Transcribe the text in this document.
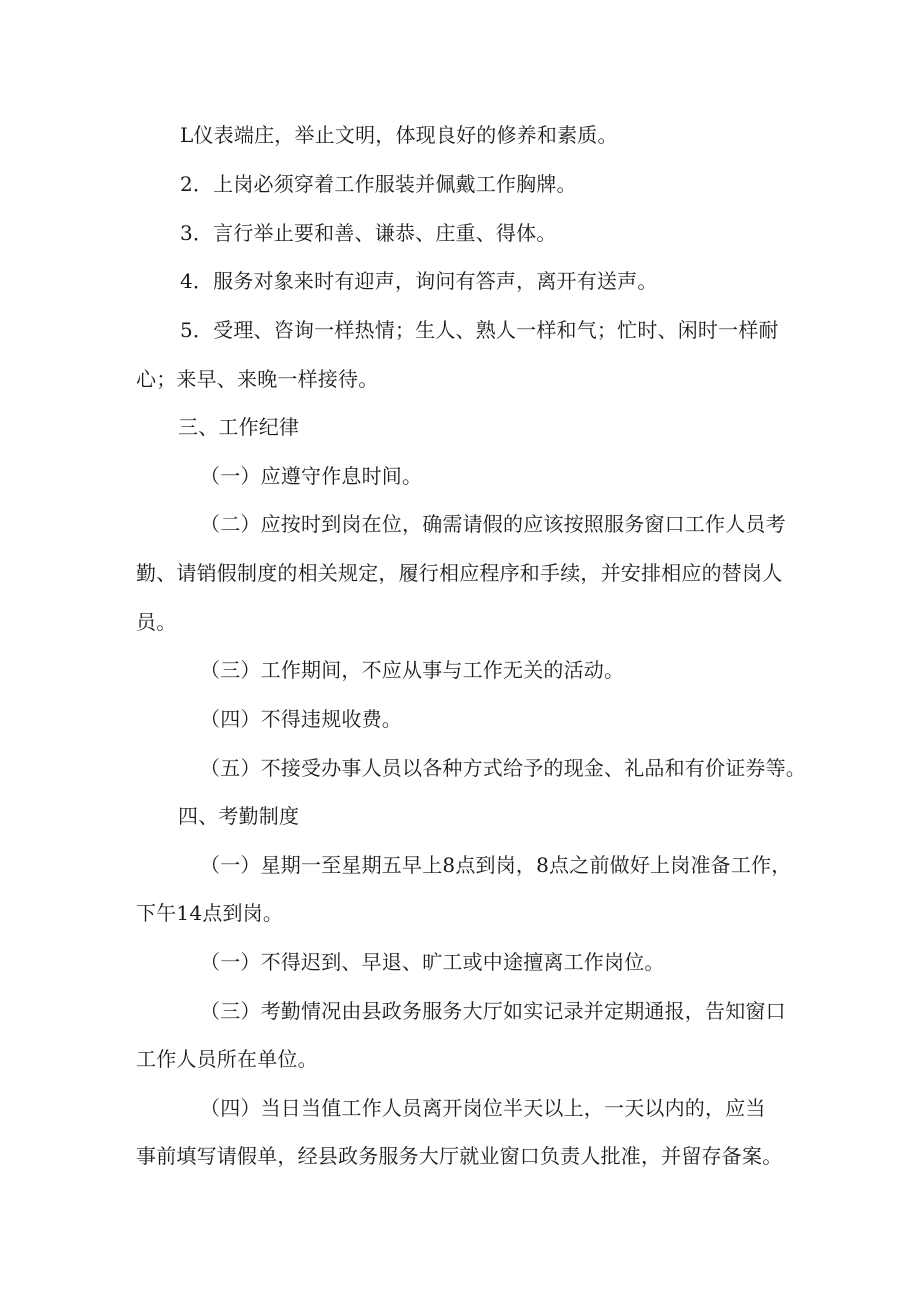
L仪表端庄，举止文明，体现良好的修养和素质。
2．上岗必须穿着工作服装并佩戴工作胸牌。
3．言行举止要和善、谦恭、庄重、得体。
4．服务对象来时有迎声，询问有答声，离开有送声。
5．受理、咨询一样热情；生人、熟人一样和气；忙时、闲时一样耐
心；来早、来晚一样接待。
三、工作纪律
（一）应遵守作息时间。
（二）应按时到岗在位，确需请假的应该按照服务窗口工作人员考
勤、请销假制度的相关规定，履行相应程序和手续，并安排相应的替岗人
员。
（三）工作期间，不应从事与工作无关的活动。
（四）不得违规收费。
（五）不接受办事人员以各种方式给予的现金、礼品和有价证券等。
四、考勤制度
（一）星期一至星期五早上8点到岗，8点之前做好上岗准备工作，
下午14点到岗。
（一）不得迟到、早退、旷工或中途擅离工作岗位。
（三）考勤情况由县政务服务大厅如实记录并定期通报，告知窗口
工作人员所在单位。
（四）当日当值工作人员离开岗位半天以上，一天以内的，应当
事前填写请假单，经县政务服务大厅就业窗口负责人批准，并留存备案。
